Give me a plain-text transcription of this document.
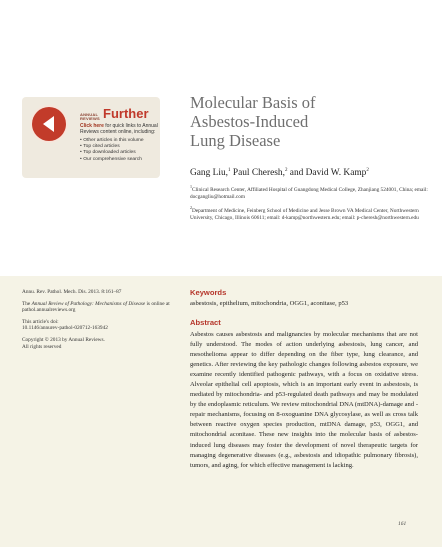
ANNUAL REVIEWS Further
Click here for quick links to Annual Reviews content online, including:
• Other articles in this volume
• Top cited articles
• Top downloaded articles
• Our comprehensive search
Molecular Basis of
Asbestos-Induced
Lung Disease
Gang Liu,$^1$ Paul Cheresh,$^2$ and David W. Kamp$^2$
$^1$Clinical Research Center, Affiliated Hospital of Guangdong Medical College, Zhanjiang 524001, China; email: docgangliu@hotmail.com
$^2$Department of Medicine, Feinberg School of Medicine and Jesse Brown VA Medical Center, Northwestern University, Chicago, Illinois 60611; email: d-kamp@northwestern.edu; email: p-cheresh@northwestern.edu

Annu. Rev. Pathol. Mech. Dis. 2013. 8:161–87

The Annual Review of Pathology: Mechanisms of Disease is online at pathol.annualreviews.org

This article's doi:
10.1146/annurev-pathol-020712-163942

Copyright © 2013 by Annual Reviews.
All rights reserved

Keywords
asbestosis, epithelium, mitochondria, OGG1, aconitase, p53
Abstract

Asbestos causes asbestosis and malignancies by molecular mechanisms that are not fully understood. The modes of action underlying asbestosis, lung cancer, and mesothelioma appear to differ depending on the fiber type, lung clearance, and genetics. After reviewing the key pathologic changes following asbestos exposure, we examine recently identified pathogenic pathways, with a focus on oxidative stress. Alveolar epithelial cell apoptosis, which is an important early event in asbestosis, is mediated by mitochondria- and p53-regulated death pathways and may be modulated by the endoplasmic reticulum. We review mitochondrial DNA (mtDNA)-damage and -repair mechanisms, focusing on 8-oxoguanine DNA glycosylase, as well as cross talk between reactive oxygen species production, mtDNA damage, p53, OGG1, and mitochondrial aconitase. These new insights into the molecular basis of asbestos-induced lung diseases may foster the development of novel therapeutic targets for managing degenerative diseases (e.g., asbestosis and idiopathic pulmonary fibrosis), tumors, and aging, for which effective management is lacking.

161
